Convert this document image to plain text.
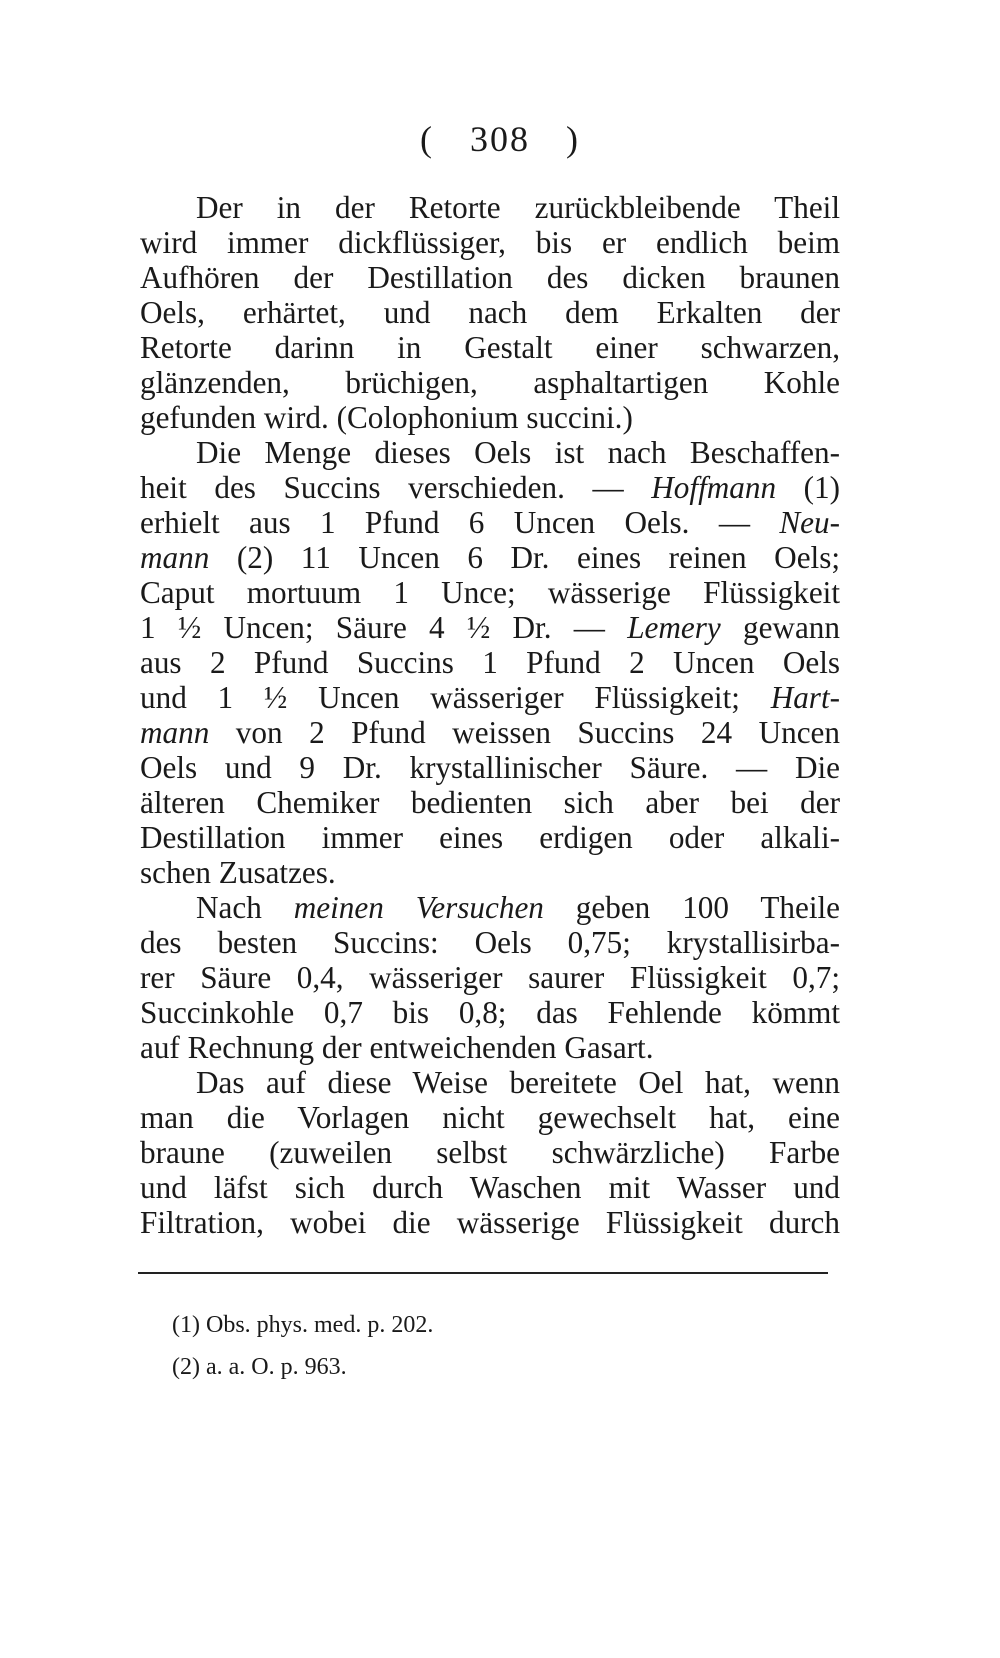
( 308 )
Der in der Retorte zurückbleibende Theil
wird immer dickflüssiger, bis er endlich beim
Aufhören der Destillation des dicken braunen
Oels, erhärtet, und nach dem Erkalten der
Retorte darinn in Gestalt einer schwarzen,
glänzenden, brüchigen, asphaltartigen Kohle
gefunden wird. (Colophonium succini.)
Die Menge dieses Oels ist nach Beschaffen-
heit des Succins verschieden. — Hoffmann (1)
erhielt aus 1 Pfund 6 Uncen Oels. — Neu-
mann (2) 11 Uncen 6 Dr. eines reinen Oels;
Caput mortuum 1 Unce; wässerige Flüssigkeit
1 ½ Uncen; Säure 4 ½ Dr. — Lemery gewann
aus 2 Pfund Succins 1 Pfund 2 Uncen Oels
und 1 ½ Uncen wässeriger Flüssigkeit; Hart-
mann von 2 Pfund weissen Succins 24 Uncen
Oels und 9 Dr. krystallinischer Säure. — Die
älteren Chemiker bedienten sich aber bei der
Destillation immer eines erdigen oder alkali-
schen Zusatzes.
Nach meinen Versuchen geben 100 Theile
des besten Succins: Oels 0,75; krystallisirba-
rer Säure 0,4, wässeriger saurer Flüssigkeit 0,7;
Succinkohle 0,7 bis 0,8; das Fehlende kömmt
auf Rechnung der entweichenden Gasart.
Das auf diese Weise bereitete Oel hat, wenn
man die Vorlagen nicht gewechselt hat, eine
braune (zuweilen selbst schwärzliche) Farbe
und läfst sich durch Waschen mit Wasser und
Filtration, wobei die wässerige Flüssigkeit durch
(1) Obs. phys. med. p. 202.
(2) a. a. O. p. 963.
